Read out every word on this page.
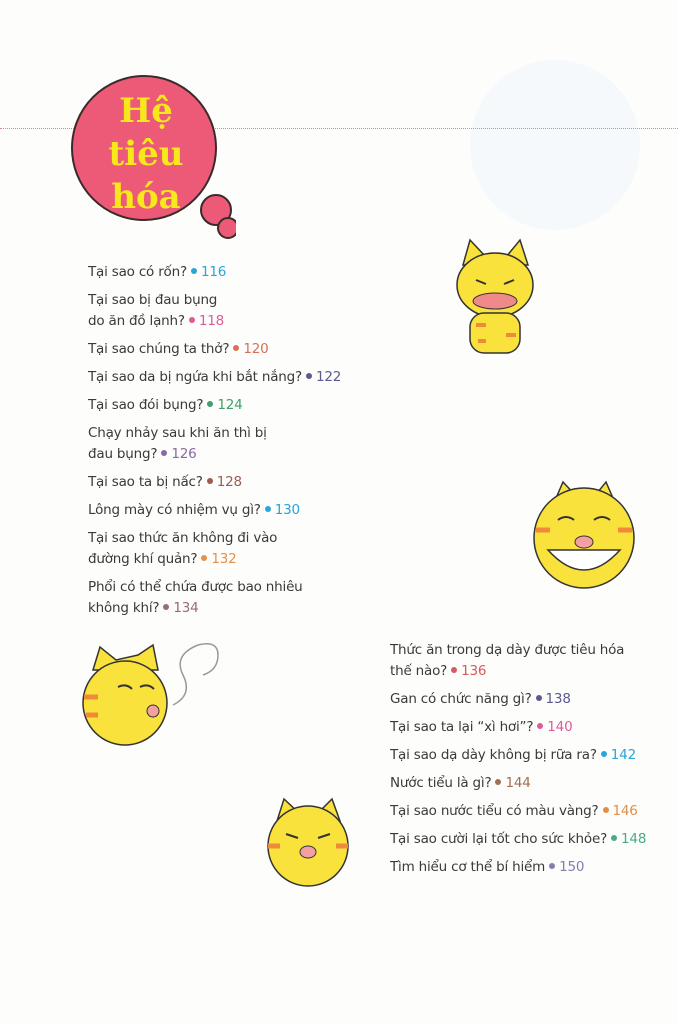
Hệ
tiêu
hóa
Tại sao có rốn? 116
Tại sao bị đau bụng
do ăn đồ lạnh? 118
Tại sao chúng ta thở? 120
Tại sao da bị ngứa khi bắt nắng? 122
Tại sao đói bụng? 124
Chạy nhảy sau khi ăn thì bị
đau bụng? 126
Tại sao ta bị nấc? 128
Lông mày có nhiệm vụ gì? 130
Tại sao thức ăn không đi vào
đường khí quản? 132
Phổi có thể chứa được bao nhiêu
không khí? 134
Thức ăn trong dạ dày được tiêu hóa
thế nào? 136
Gan có chức năng gì? 138
Tại sao ta lại “xì hơi”? 140
Tại sao dạ dày không bị rữa ra? 142
Nước tiểu là gì? 144
Tại sao nước tiểu có màu vàng? 146
Tại sao cười lại tốt cho sức khỏe? 148
Tìm hiểu cơ thể bí hiểm 150
